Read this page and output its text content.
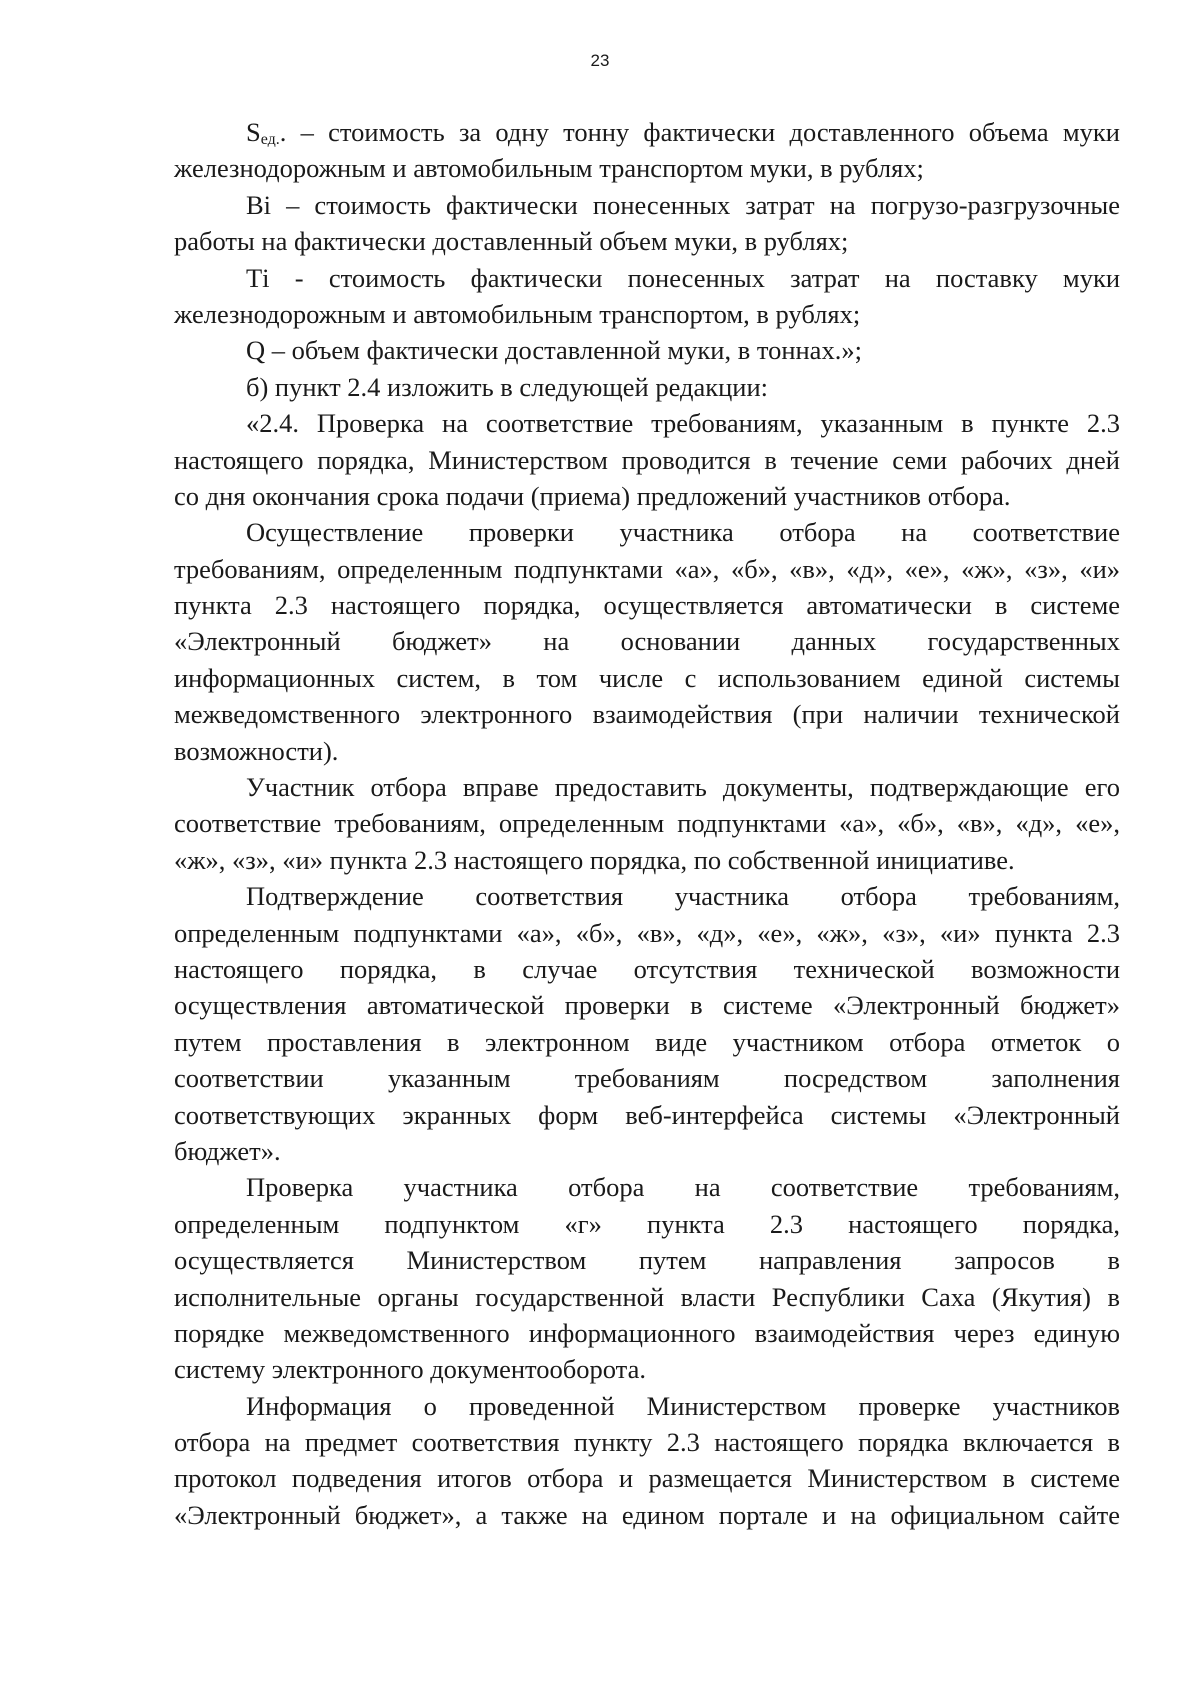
23
$S_{ед.}$. – стоимость за одну тонну фактически доставленного объема муки
железнодорожным и автомобильным транспортом муки, в рублях;
Вi – стоимость фактически понесенных затрат на погрузо-разгрузочные
работы на фактически доставленный объем муки, в рублях;
Тi - стоимость фактически понесенных затрат на поставку муки
железнодорожным и автомобильным транспортом, в рублях;
Q – объем фактически доставленной муки, в тоннах.»;
б) пункт 2.4 изложить в следующей редакции:
«2.4. Проверка на соответствие требованиям, указанным в пункте 2.3
настоящего порядка, Министерством проводится в течение семи рабочих дней
со дня окончания срока подачи (приема) предложений участников отбора.
Осуществление проверки участника отбора на соответствие
требованиям, определенным подпунктами «а», «б», «в», «д», «е», «ж», «з», «и»
пункта 2.3 настоящего порядка, осуществляется автоматически в системе
«Электронный бюджет» на основании данных государственных
информационных систем, в том числе с использованием единой системы
межведомственного электронного взаимодействия (при наличии технической
возможности).
Участник отбора вправе предоставить документы, подтверждающие его
соответствие требованиям, определенным подпунктами «а», «б», «в», «д», «е»,
«ж», «з», «и» пункта 2.3 настоящего порядка, по собственной инициативе.
Подтверждение соответствия участника отбора требованиям,
определенным подпунктами «а», «б», «в», «д», «е», «ж», «з», «и» пункта 2.3
настоящего порядка, в случае отсутствия технической возможности
осуществления автоматической проверки в системе «Электронный бюджет»
путем проставления в электронном виде участником отбора отметок о
соответствии указанным требованиям посредством заполнения
соответствующих экранных форм веб-интерфейса системы «Электронный
бюджет».
Проверка участника отбора на соответствие требованиям,
определенным подпунктом «г» пункта 2.3 настоящего порядка,
осуществляется Министерством путем направления запросов в
исполнительные органы государственной власти Республики Саха (Якутия) в
порядке межведомственного информационного взаимодействия через единую
систему электронного документооборота.
Информация о проведенной Министерством проверке участников
отбора на предмет соответствия пункту 2.3 настоящего порядка включается в
протокол подведения итогов отбора и размещается Министерством в системе
«Электронный бюджет», а также на едином портале и на официальном сайте
